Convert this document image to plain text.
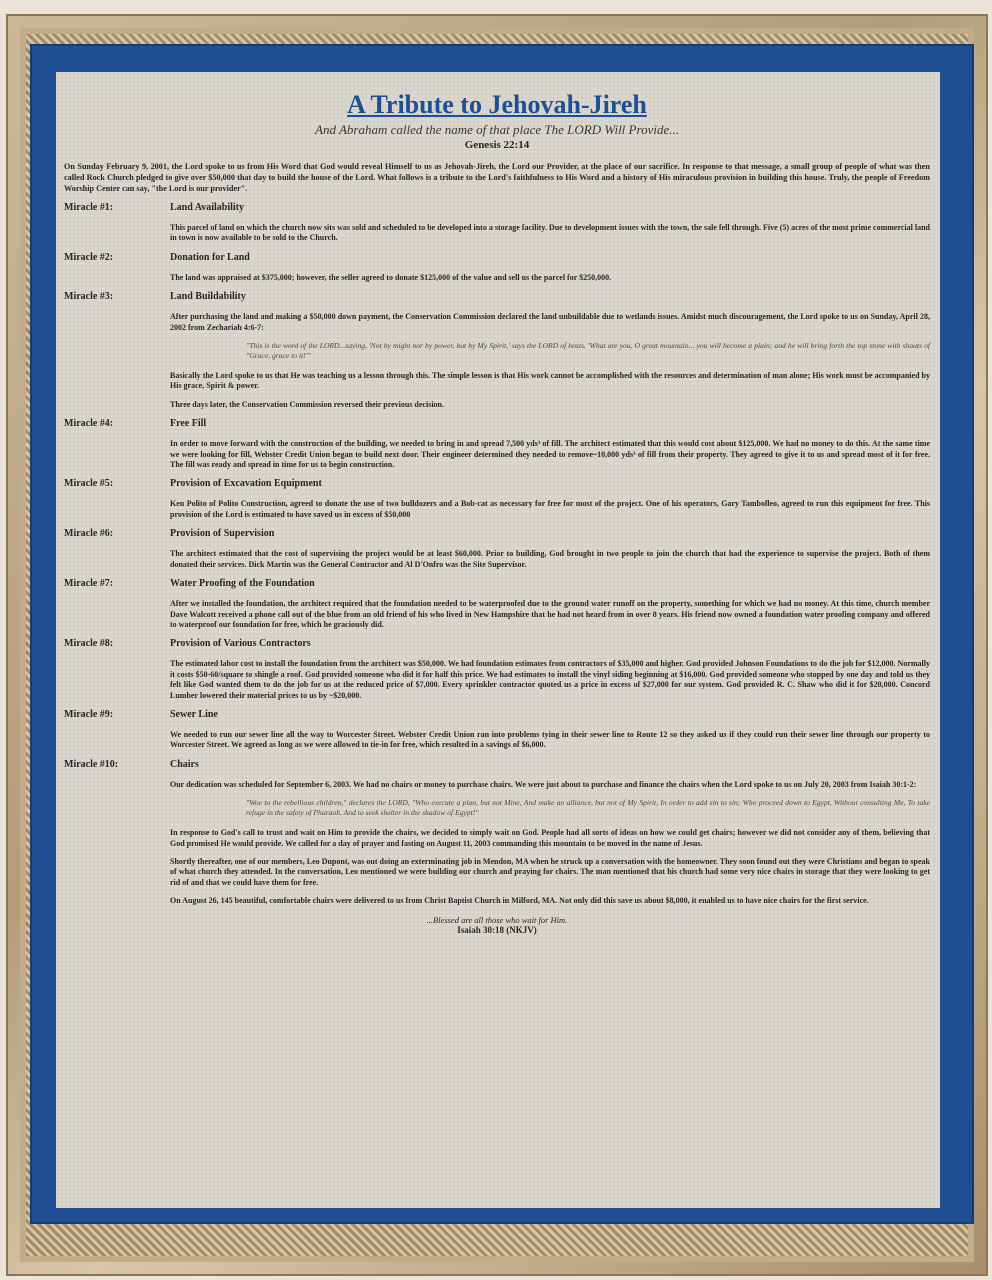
A Tribute to Jehovah-Jireh
And Abraham called the name of that place The LORD Will Provide...
Genesis 22:14
On Sunday February 9, 2001, the Lord spoke to us from His Word that God would reveal Himself to us as Jehovah-Jireh, the Lord our Provider, at the place of our sacrifice. In response to that message, a small group of people of what was then called Rock Church pledged to give over $50,000 that day to build the house of the Lord. What follows is a tribute to the Lord's faithfulness to His Word and a history of His miraculous provision in building this house. Truly, the people of Freedom Worship Center can say, "the Lord is our provider".
Miracle #1:	Land Availability

This parcel of land on which the church now sits was sold and scheduled to be developed into a storage facility. Due to development issues with the town, the sale fell through. Five (5) acres of the most prime commercial land in town is now available to be sold to the Church.

Miracle #2:	Donation for Land

The land was appraised at $375,000; however, the seller agreed to donate $125,000 of the value and sell us the parcel for $250,000.

Miracle #3:	Land Buildability

After purchasing the land and making a $50,000 down payment, the Conservation Commission declared the land unbuildable due to wetlands issues. Amidst much discouragement, the Lord spoke to us on Sunday, April 28, 2002 from Zechariah 4:6-7:

"This is the word of the LORD...saying, 'Not by might nor by power, but by My Spirit,' says the LORD of hosts. 'What are you, O great mountain... you will become a plain; and he will bring forth the top stone with shouts of "Grace, grace to it!"'

Basically the Lord spoke to us that He was teaching us a lesson through this. The simple lesson is that His work cannot be accomplished with the resources and determination of man alone; His work must be accompanied by His grace, Spirit & power.

Three days later, the Conservation Commission reversed their previous decision.

Miracle #4:	Free Fill

In order to move forward with the construction of the building, we needed to bring in and spread 7,500 yds³ of fill. The architect estimated that this would cost about $125,000. We had no money to do this. At the same time we were looking for fill, Webster Credit Union began to build next door. Their engineer determined they needed to remove~10,000 yds³ of fill from their property. They agreed to give it to us and spread most of it for free. The fill was ready and spread in time for us to begin construction.

Miracle #5:	Provision of Excavation Equipment

Ken Polito of Polito Construction, agreed to donate the use of two bulldozers and a Bob-cat as necessary for free for most of the project. One of his operators, Gary Tambolleo, agreed to run this equipment for free. This provision of the Lord is estimated to have saved us in excess of $50,000

Miracle #6:	Provision of Supervision

The architect estimated that the cost of supervising the project would be at least $60,000. Prior to building, God brought in two people to join the church that had the experience to supervise the project. Both of them donated their services. Dick Martin was the General Contractor and Al D'Onfro was the Site Supervisor.

Miracle #7:	Water Proofing of the Foundation

After we installed the foundation, the architect required that the foundation needed to be waterproofed due to the ground water runoff on the property, something for which we had no money. At this time, church member Dave Walcott received a phone call out of the blue from an old friend of his who lived in New Hampshire that he had not heard from in over 8 years. His friend now owned a foundation water proofing company and offered to waterproof our foundation for free, which he graciously did.

Miracle #8:	Provision of Various Contractors

The estimated labor cost to install the foundation from the architect was $50,000. We had foundation estimates from contractors of $35,000 and higher. God provided Johnson Foundations to do the job for $12,000. Normally it costs $50-60/square to shingle a roof. God provided someone who did it for half this price. We had estimates to install the vinyl siding beginning at $16,000. God provided someone who stopped by one day and told us they felt like God wanted them to do the job for us at the reduced price of $7,000. Every sprinkler contractor quoted us a price in excess of $27,000 for our system. God provided R. C. Shaw who did it for $20,000. Concord Lumber lowered their material prices to us by ~$20,000.

Miracle #9:	Sewer Line

We needed to run our sewer line all the way to Worcester Street. Webster Credit Union ran into problems tying in their sewer line to Route 12 so they asked us if they could run their sewer line through our property to Worcester Street. We agreed as long as we were allowed to tie-in for free, which resulted in a savings of $6,000.

Miracle #10:	Chairs

Our dedication was scheduled for September 6, 2003. We had no chairs or money to purchase chairs. We were just about to purchase and finance the chairs when the Lord spoke to us on July 20, 2003 from Isaiah 30:1-2:

"Woe to the rebellious children," declares the LORD, "Who execute a plan, but not Mine, And make an alliance, but not of My Spirit, In order to add sin to sin; Who proceed down to Egypt, Without consulting Me, To take refuge in the safety of Pharaoh, And to seek shelter in the shadow of Egypt!"

In response to God's call to trust and wait on Him to provide the chairs, we decided to simply wait on God. People had all sorts of ideas on how we could get chairs; however we did not consider any of them, believing that God promised He would provide. We called for a day of prayer and fasting on August 11, 2003 commanding this mountain to be moved in the name of Jesus.

Shortly thereafter, one of our members, Leo Dupont, was out doing an exterminating job in Mendon, MA when he struck up a conversation with the homeowner. They soon found out they were Christians and began to speak of what church they attended. In the conversation, Leo mentioned we were building our church and praying for chairs. The man mentioned that his church had some very nice chairs in storage that they were looking to get rid of and that we could have them for free.

On August 26, 145 beautiful, comfortable chairs were delivered to us from Christ Baptist Church in Milford, MA. Not only did this save us about $8,000, it enabled us to have nice chairs for the first service.

...Blessed are all those who wait for Him.
Isaiah 30:18 (NKJV)
